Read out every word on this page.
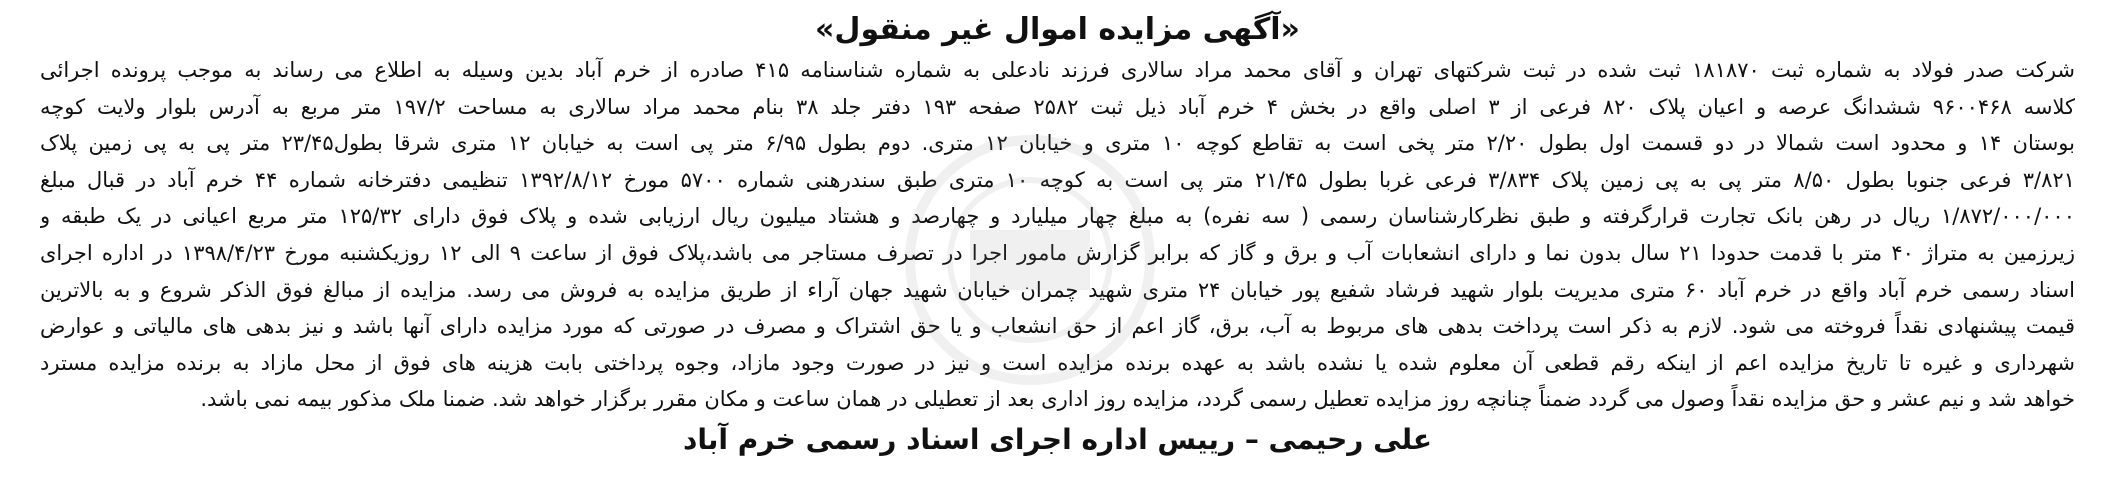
«آگهی مزایده اموال غیر منقول»
شرکت صدر فولاد به شماره ثبت ۱۸۱۸۷۰ ثبت شده در ثبت شرکتهای تهران و آقای محمد مراد سالاری فرزند نادعلی به شماره شناسنامه ۴۱۵ صادره از خرم آباد بدین وسیله به اطلاع می رساند به موجب پرونده اجرائی
کلاسه ۹۶۰۰۴۶۸ ششدانگ عرصه و اعیان پلاک ۸۲۰ فرعی از ۳ اصلی واقع در بخش ۴ خرم آباد ذیل ثبت ۲۵۸۲ صفحه ۱۹۳ دفتر جلد ۳۸ بنام محمد مراد سالاری به مساحت ۱۹۷/۲ متر مربع به آدرس بلوار ولایت کوچه
بوستان ۱۴ و محدود است شمالا در دو قسمت اول بطول ۲/۲۰ متر پخی است به تقاطع کوچه ۱۰ متری و خیابان ۱۲ متری. دوم بطول ۶/۹۵ متر پی است به خیابان ۱۲ متری شرقا بطول۲۳/۴۵ متر پی به پی زمین پلاک
۳/۸۲۱ فرعی جنوبا بطول ۸/۵۰ متر پی به پی زمین پلاک ۳/۸۳۴ فرعی غربا بطول ۲۱/۴۵ متر پی است به کوچه ۱۰ متری طبق سندرهنی شماره ۵۷۰۰ مورخ ۱۳۹۲/۸/۱۲ تنظیمی دفترخانه شماره ۴۴ خرم آباد در قبال مبلغ
۱/۸۷۲/۰۰۰/۰۰۰ ریال در رهن بانک تجارت قرارگرفته و طبق نظرکارشناسان رسمی ( سه نفره) به مبلغ چهار میلیارد و چهارصد و هشتاد میلیون ریال ارزیابی شده و پلاک فوق دارای ۱۲۵/۳۲ متر مربع اعیانی در یک طبقه و
زیرزمین به متراژ ۴۰ متر با قدمت حدودا ۲۱ سال بدون نما و دارای انشعابات آب و برق و گاز که برابر گزارش مامور اجرا در تصرف مستاجر می باشد،پلاک فوق از ساعت ۹ الی ۱۲ روزیکشنبه مورخ ۱۳۹۸/۴/۲۳ در اداره اجرای
اسناد رسمی خرم آباد واقع در خرم آباد ۶۰ متری مدیریت بلوار شهید فرشاد شفیع پور خیابان ۲۴ متری شهید چمران خیابان شهید جهان آراء از طریق مزایده به فروش می رسد. مزایده از مبالغ فوق الذکر شروع و به بالاترین
قیمت پیشنهادی نقداً فروخته می شود. لازم به ذکر است پرداخت بدهی های مربوط به آب، برق، گاز اعم از حق انشعاب و یا حق اشتراک و مصرف در صورتی که مورد مزایده دارای آنها باشد و نیز بدهی های مالیاتی و عوارض
شهرداری و غیره تا تاریخ مزایده اعم از اینکه رقم قطعی آن معلوم شده یا نشده باشد به عهده برنده مزایده است و نیز در صورت وجود مازاد، وجوه پرداختی بابت هزینه های فوق از محل مازاد به برنده مزایده مسترد
خواهد شد و نیم عشر و حق مزایده نقداً وصول می گردد ضمناً چنانچه روز مزایده تعطیل رسمی گردد، مزایده روز اداری بعد از تعطیلی در همان ساعت و مکان مقرر برگزار خواهد شد. ضمنا ملک مذکور بیمه نمی باشد.
علی رحیمی – رییس اداره اجرای اسناد رسمی خرم آباد
